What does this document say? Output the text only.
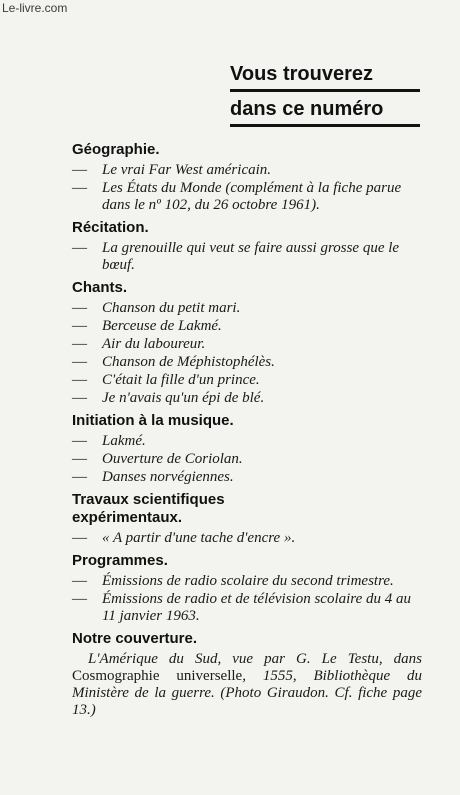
Le-livre.com
Vous trouverez
dans ce numéro
Géographie.
— Le vrai Far West américain.
— Les États du Monde (complément à la fiche parue dans le nº 102, du 26 octobre 1961).
Récitation.
— La grenouille qui veut se faire aussi grosse que le bœuf.
Chants.
— Chanson du petit mari.
— Berceuse de Lakmé.
— Air du laboureur.
— Chanson de Méphistophélès.
— C'était la fille d'un prince.
— Je n'avais qu'un épi de blé.
Initiation à la musique.
— Lakmé.
— Ouverture de Coriolan.
— Danses norvégiennes.
Travaux scientifiques
expérimentaux.
— « A partir d'une tache d'encre ».
Programmes.
— Émissions de radio scolaire du second trimestre.
— Émissions de radio et de télévision scolaire du 4 au 11 janvier 1963.
Notre couverture.
L'Amérique du Sud, vue par G. Le Testu, dans Cosmographie universelle, 1555, Bibliothèque du Ministère de la guerre. (Photo Giraudon. Cf. fiche page 13.)
